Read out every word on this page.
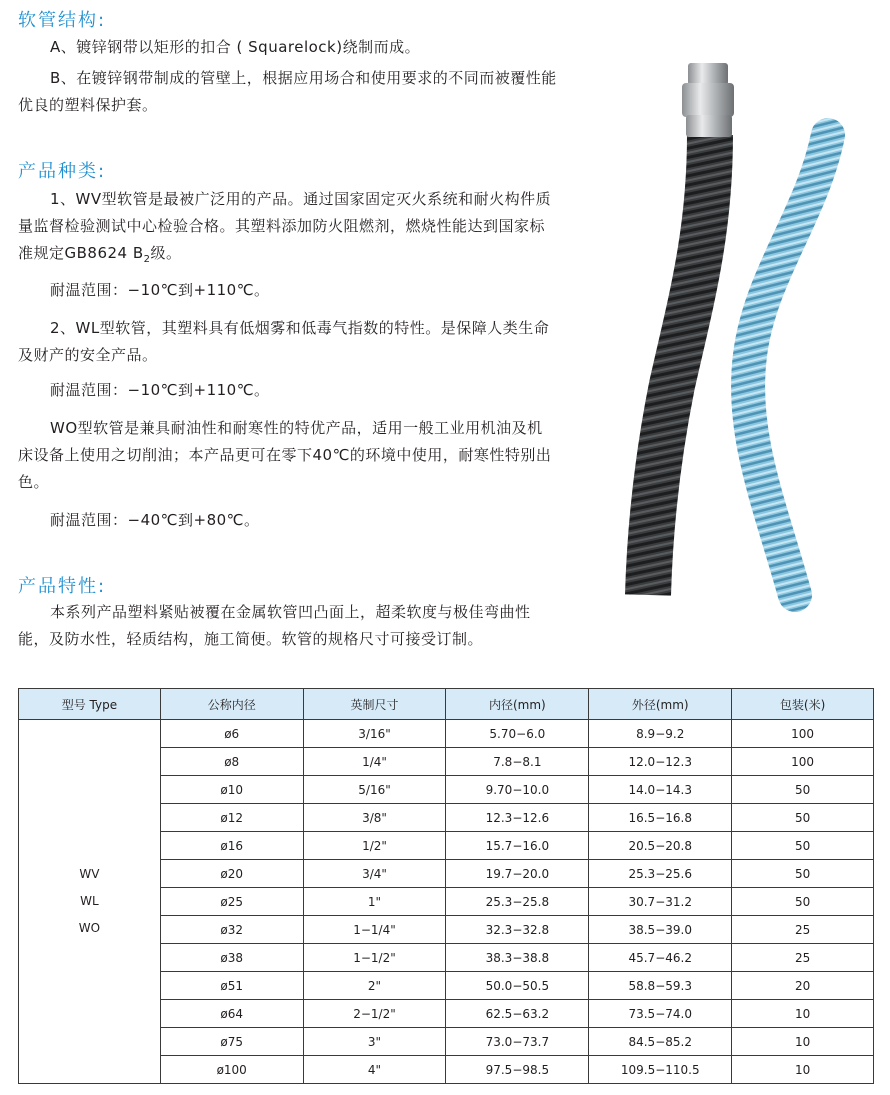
软管结构:

A、镀锌钢带以矩形的扣合 ( Squarelock)绕制而成。

B、在镀锌钢带制成的管壁上，根据应用场合和使用要求的不同而被覆性能优良的塑料保护套。

产品种类:

1、WV型软管是最被广泛用的产品。通过国家固定灭火系统和耐火构件质量监督检验测试中心检验合格。其塑料添加防火阻燃剂，燃烧性能达到国家标准规定GB8624 $B_2$级。

耐温范围：−10℃到+110℃。

2、WL型软管，其塑料具有低烟雾和低毒气指数的特性。是保障人类生命及财产的安全产品。

耐温范围：−10℃到+110℃。

WO型软管是兼具耐油性和耐寒性的特优产品，适用一般工业用机油及机床设备上使用之切削油；本产品更可在零下40℃的环境中使用，耐寒性特别出色。

耐温范围：−40℃到+80℃。

产品特性:

本系列产品塑料紧贴被覆在金属软管凹凸面上，超柔软度与极佳弯曲性能，及防水性，轻质结构，施工简便。软管的规格尺寸可接受订制。

型号 Type	公称内径	英制尺寸	内径(mm)	外径(mm)	包装(米)

WV
WL
WO	ø6	3/16"	5.70−6.0	8.9−9.2	100
	ø8	1/4"	7.8−8.1	12.0−12.3	100
	ø10	5/16"	9.70−10.0	14.0−14.3	50
	ø12	3/8"	12.3−12.6	16.5−16.8	50
	ø16	1/2"	15.7−16.0	20.5−20.8	50
	ø20	3/4"	19.7−20.0	25.3−25.6	50
	ø25	1"	25.3−25.8	30.7−31.2	50
	ø32	1−1/4"	32.3−32.8	38.5−39.0	25
	ø38	1−1/2"	38.3−38.8	45.7−46.2	25
	ø51	2"	50.0−50.5	58.8−59.3	20
	ø64	2−1/2"	62.5−63.2	73.5−74.0	10
	ø75	3"	73.0−73.7	84.5−85.2	10
	ø100	4"	97.5−98.5	109.5−110.5	10
